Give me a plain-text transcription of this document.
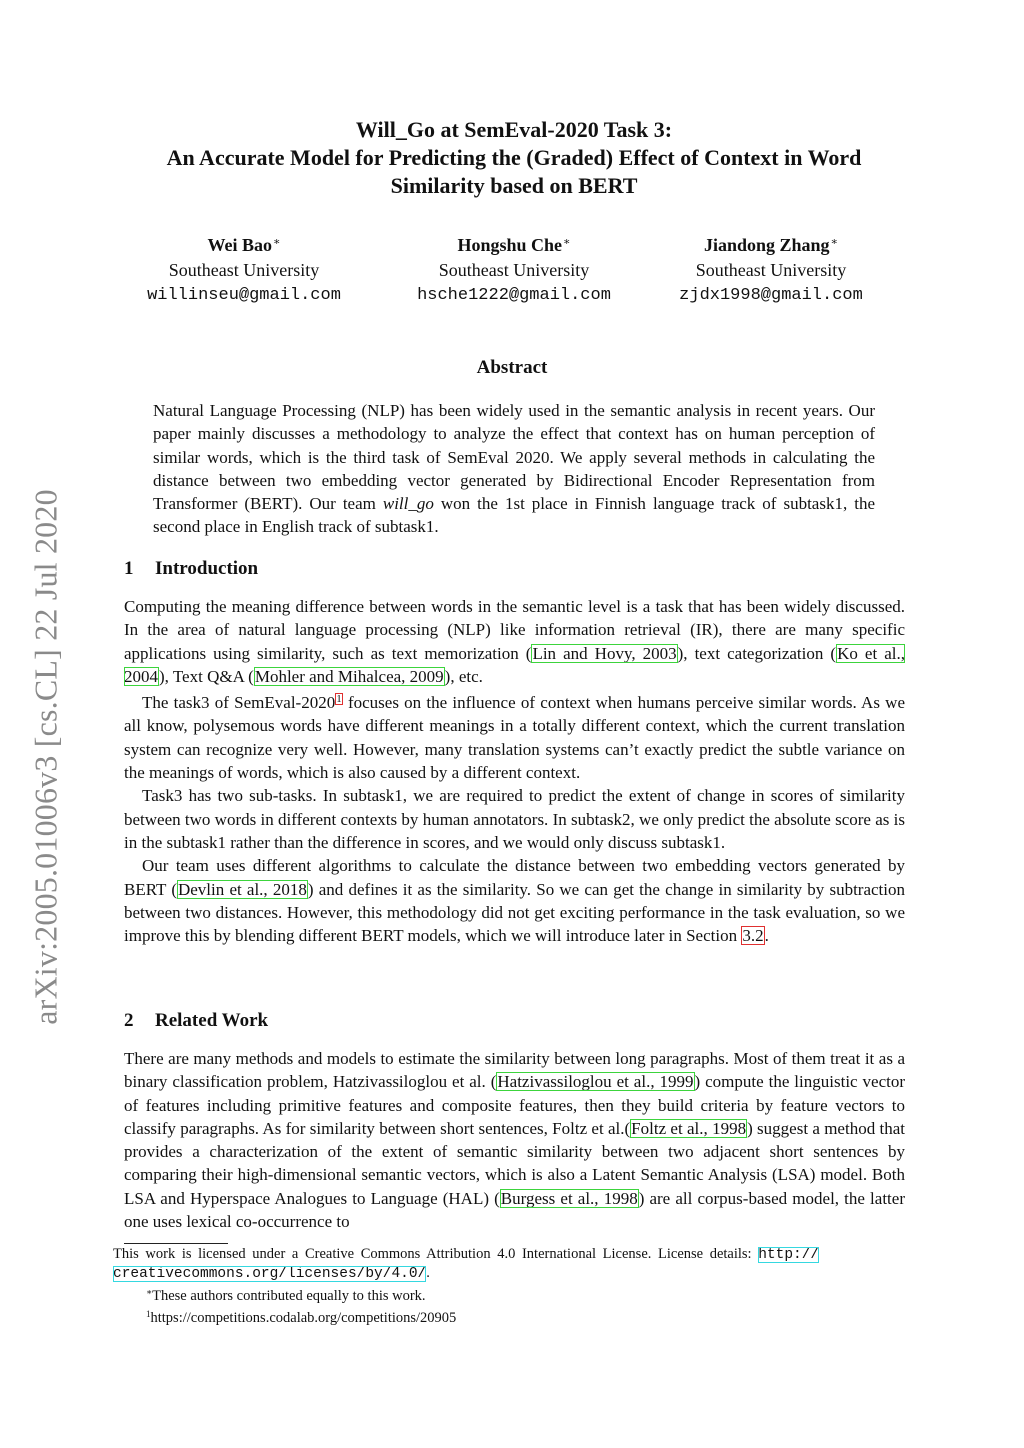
arXiv:2005.01006v3 [cs.CL] 22 Jul 2020
Will_Go at SemEval-2020 Task 3:
An Accurate Model for Predicting the (Graded) Effect of Context in Word
Similarity based on BERT
Wei Bao∗
Southeast University
willinseu@gmail.com
Hongshu Che∗
Southeast University
hsche1222@gmail.com
Jiandong Zhang∗
Southeast University
zjdx1998@gmail.com
Abstract
Natural Language Processing (NLP) has been widely used in the semantic analysis in recent years. Our paper mainly discusses a methodology to analyze the effect that context has on human perception of similar words, which is the third task of SemEval 2020. We apply several methods in calculating the distance between two embedding vector generated by Bidirectional Encoder Representation from Transformer (BERT). Our team will_go won the 1st place in Finnish language track of subtask1, the second place in English track of subtask1.
1 Introduction

Computing the meaning difference between words in the semantic level is a task that has been widely discussed. In the area of natural language processing (NLP) like information retrieval (IR), there are many specific applications using similarity, such as text memorization (Lin and Hovy, 2003), text categorization (Ko et al., 2004), Text Q&A (Mohler and Mihalcea, 2009), etc.

The task3 of SemEval-2020$^1$ focuses on the influence of context when humans perceive similar words. As we all know, polysemous words have different meanings in a totally different context, which the current translation system can recognize very well. However, many translation systems can’t exactly predict the subtle variance on the meanings of words, which is also caused by a different context.

Task3 has two sub-tasks. In subtask1, we are required to predict the extent of change in scores of similarity between two words in different contexts by human annotators. In subtask2, we only predict the absolute score as is in the subtask1 rather than the difference in scores, and we would only discuss subtask1.

Our team uses different algorithms to calculate the distance between two embedding vectors generated by BERT (Devlin et al., 2018) and defines it as the similarity. So we can get the change in similarity by subtraction between two distances. However, this methodology did not get exciting performance in the task evaluation, so we improve this by blending different BERT models, which we will introduce later in Section 3.2.

2 Related Work

There are many methods and models to estimate the similarity between long paragraphs. Most of them treat it as a binary classification problem, Hatzivassiloglou et al. (Hatzivassiloglou et al., 1999) compute the linguistic vector of features including primitive features and composite features, then they build criteria by feature vectors to classify paragraphs. As for similarity between short sentences, Foltz et al.(Foltz et al., 1998) suggest a method that provides a characterization of the extent of semantic similarity between two adjacent short sentences by comparing their high-dimensional semantic vectors, which is also a Latent Semantic Analysis (LSA) model. Both LSA and Hyperspace Analogues to Language (HAL) (Burgess et al., 1998) are all corpus-based model, the latter one uses lexical co-occurrence to

This work is licensed under a Creative Commons Attribution 4.0 International License. License details: http://
creativecommons.org/licenses/by/4.0/.
∗These authors contributed equally to this work.
$^1$https://competitions.codalab.org/competitions/20905
